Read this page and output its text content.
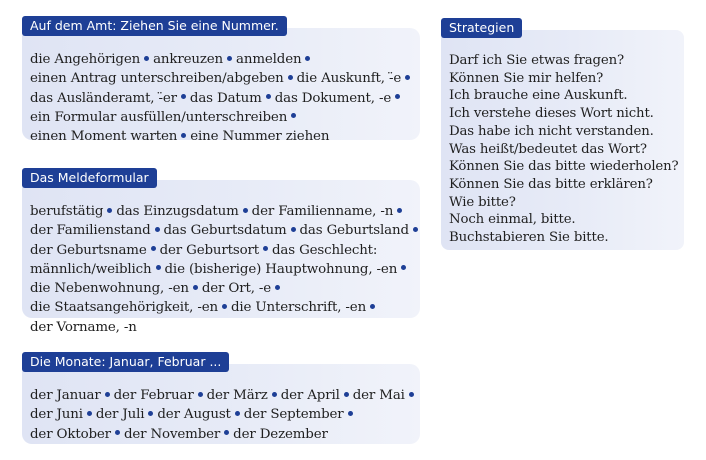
Auf dem Amt: Ziehen Sie eine Nummer.
die Angehörigen ankreuzen anmelden
einen Antrag unterschreiben/abgeben die Auskunft, -̈e
das Ausländeramt, -̈er das Datum das Dokument, -e
ein Formular ausfüllen/unterschreiben
einen Moment warten eine Nummer ziehen
Das Meldeformular
berufstätig das Einzugsdatum der Familienname, -n
der Familienstand das Geburtsdatum das Geburtsland
der Geburtsname der Geburtsort das Geschlecht:
männlich/weiblich die (bisherige) Hauptwohnung, -en
die Nebenwohnung, -en der Ort, -e
die Staatsangehörigkeit, -en die Unterschrift, -en
der Vorname, -n
Die Monate: Januar, Februar ...
der Januar der Februar der März der April der Mai
der Juni der Juli der August der September
der Oktober der November der Dezember
Strategien
Darf ich Sie etwas fragen?
Können Sie mir helfen?
Ich brauche eine Auskunft.
Ich verstehe dieses Wort nicht.
Das habe ich nicht verstanden.
Was heißt/bedeutet das Wort?
Können Sie das bitte wiederholen?
Können Sie das bitte erklären?
Wie bitte?
Noch einmal, bitte.
Buchstabieren Sie bitte.
